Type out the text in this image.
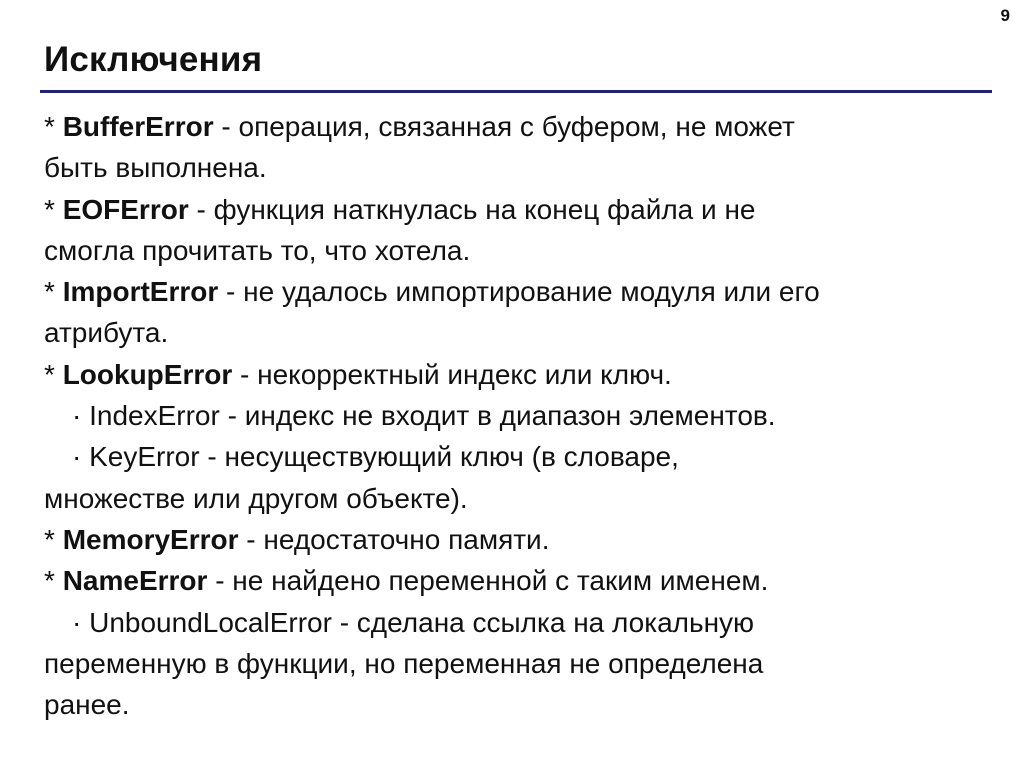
9
Исключения
* BufferError - операция, связанная с буфером, не может
быть выполнена.
* EOFError - функция наткнулась на конец файла и не
смогла прочитать то, что хотела.
* ImportError - не удалось импортирование модуля или его
атрибута.
* LookupError - некорректный индекс или ключ.
· IndexError - индекс не входит в диапазон элементов.
· KeyError - несуществующий ключ (в словаре,
множестве или другом объекте).
* MemoryError - недостаточно памяти.
* NameError - не найдено переменной с таким именем.
· UnboundLocalError - сделана ссылка на локальную
переменную в функции, но переменная не определена
ранее.
